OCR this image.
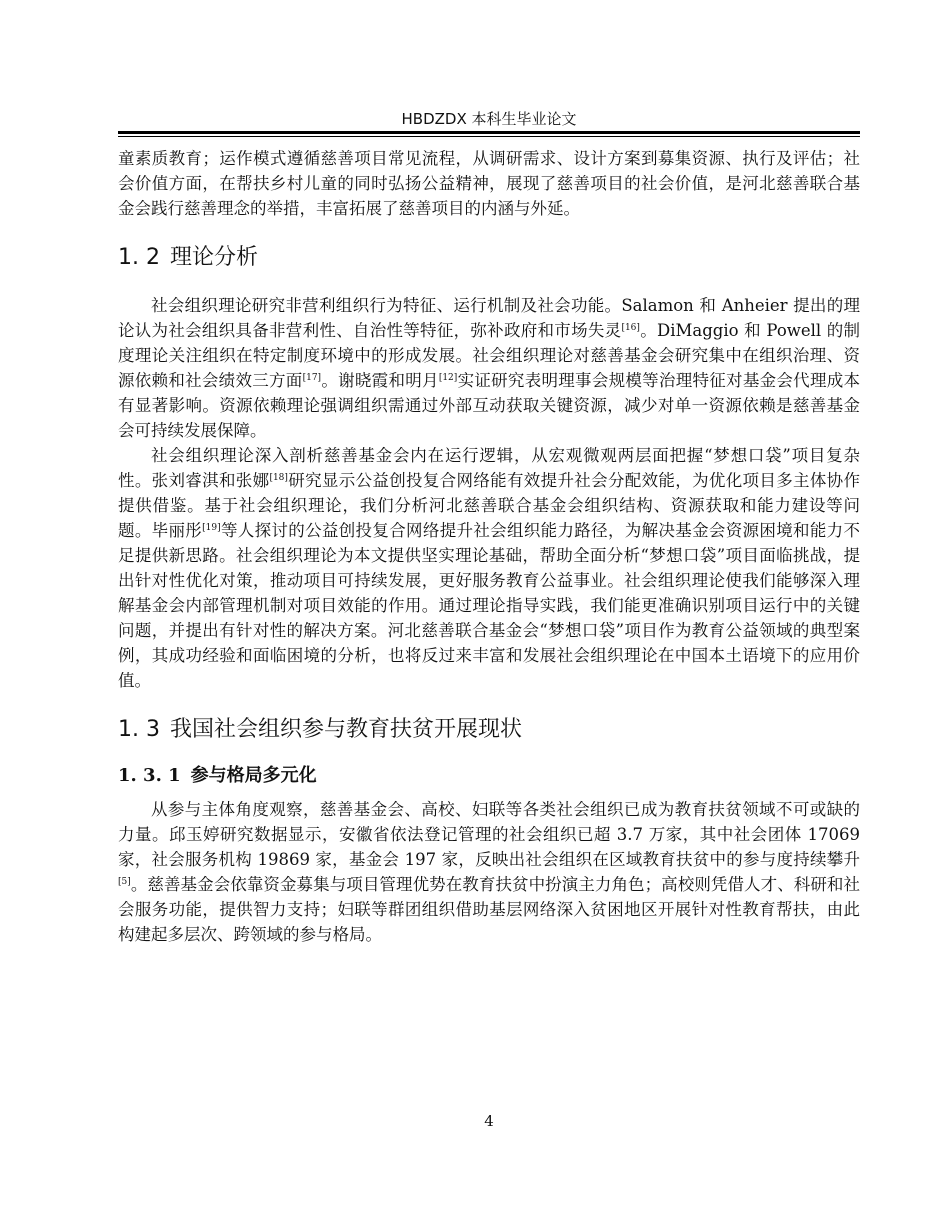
HBDZDX 本科生毕业论文

童素质教育；运作模式遵循慈善项目常见流程，从调研需求、设计方案到募集资源、执行及评估；社会价值方面，在帮扶乡村儿童的同时弘扬公益精神，展现了慈善项目的社会价值，是河北慈善联合基金会践行慈善理念的举措，丰富拓展了慈善项目的内涵与外延。

1. 2 理论分析

社会组织理论研究非营利组织行为特征、运行机制及社会功能。Salamon 和 Anheier 提出的理论认为社会组织具备非营利性、自治性等特征，弥补政府和市场失灵[16]。DiMaggio 和 Powell 的制度理论关注组织在特定制度环境中的形成发展。社会组织理论对慈善基金会研究集中在组织治理、资源依赖和社会绩效三方面[17]。谢晓霞和明月[12]实证研究表明理事会规模等治理特征对基金会代理成本有显著影响。资源依赖理论强调组织需通过外部互动获取关键资源，减少对单一资源依赖是慈善基金会可持续发展保障。

社会组织理论深入剖析慈善基金会内在运行逻辑，从宏观微观两层面把握“梦想口袋”项目复杂性。张刘睿淇和张娜[18]研究显示公益创投复合网络能有效提升社会分配效能，为优化项目多主体协作提供借鉴。基于社会组织理论，我们分析河北慈善联合基金会组织结构、资源获取和能力建设等问题。毕丽彤[19]等人探讨的公益创投复合网络提升社会组织能力路径，为解决基金会资源困境和能力不足提供新思路。社会组织理论为本文提供坚实理论基础，帮助全面分析“梦想口袋”项目面临挑战，提出针对性优化对策，推动项目可持续发展，更好服务教育公益事业。社会组织理论使我们能够深入理解基金会内部管理机制对项目效能的作用。通过理论指导实践，我们能更准确识别项目运行中的关键问题，并提出有针对性的解决方案。河北慈善联合基金会“梦想口袋”项目作为教育公益领域的典型案例，其成功经验和面临困境的分析，也将反过来丰富和发展社会组织理论在中国本土语境下的应用价值。

1. 3 我国社会组织参与教育扶贫开展现状
1. 3. 1 参与格局多元化

从参与主体角度观察，慈善基金会、高校、妇联等各类社会组织已成为教育扶贫领域不可或缺的力量。邱玉婷研究数据显示，安徽省依法登记管理的社会组织已超 3.7 万家，其中社会团体 17069 家，社会服务机构 19869 家，基金会 197 家，反映出社会组织在区域教育扶贫中的参与度持续攀升[5]。慈善基金会依靠资金募集与项目管理优势在教育扶贫中扮演主力角色；高校则凭借人才、科研和社会服务功能，提供智力支持；妇联等群团组织借助基层网络深入贫困地区开展针对性教育帮扶，由此构建起多层次、跨领域的参与格局。

4
